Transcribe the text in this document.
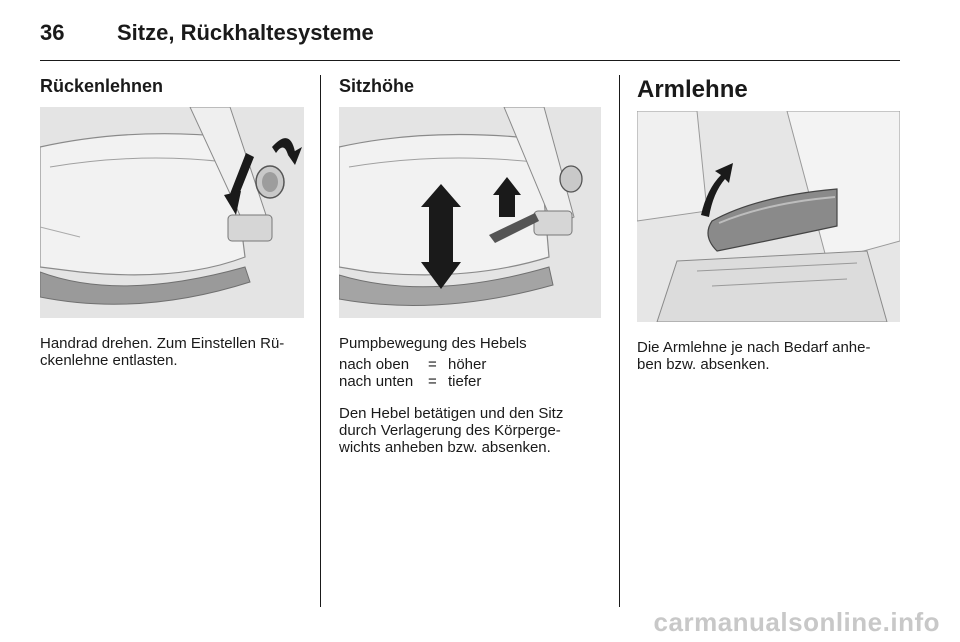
36 Sitze, Rückhaltesysteme
Rückenlehnen

Handrad drehen. Zum Einstellen Rü-

ckenlehne entlasten.

Sitzhöhe

Pumpbewegung des Hebels

nach oben = höher
nach unten = tiefer

Den Hebel betätigen und den Sitz

durch Verlagerung des Körperge-

wichts anheben bzw. absenken.

Armlehne

Die Armlehne je nach Bedarf anhe-

ben bzw. absenken.

carmanualsonline.info
